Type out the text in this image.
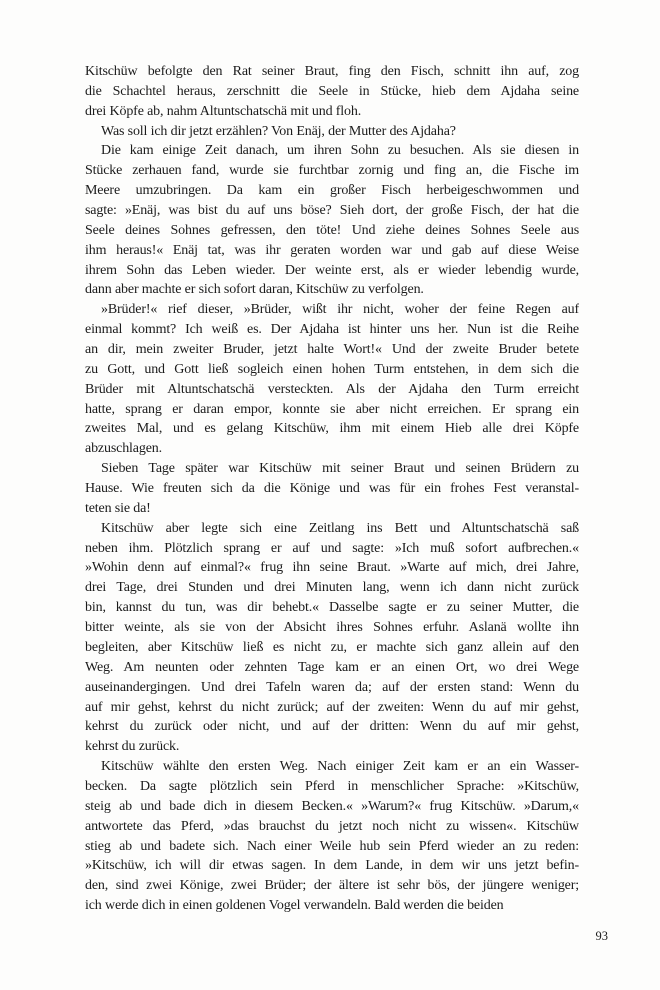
Kitschüw befolgte den Rat seiner Braut, fing den Fisch, schnitt ihn auf, zog
die Schachtel heraus, zerschnitt die Seele in Stücke, hieb dem Ajdaha seine
drei Köpfe ab, nahm Altuntschatschä mit und floh.
Was soll ich dir jetzt erzählen? Von Enäj, der Mutter des Ajdaha?
Die kam einige Zeit danach, um ihren Sohn zu besuchen. Als sie diesen in
Stücke zerhauen fand, wurde sie furchtbar zornig und fing an, die Fische im
Meere umzubringen. Da kam ein großer Fisch herbeigeschwommen und
sagte: »Enäj, was bist du auf uns böse? Sieh dort, der große Fisch, der hat die
Seele deines Sohnes gefressen, den töte! Und ziehe deines Sohnes Seele aus
ihm heraus!« Enäj tat, was ihr geraten worden war und gab auf diese Weise
ihrem Sohn das Leben wieder. Der weinte erst, als er wieder lebendig wurde,
dann aber machte er sich sofort daran, Kitschüw zu verfolgen.
»Brüder!« rief dieser, »Brüder, wißt ihr nicht, woher der feine Regen auf
einmal kommt? Ich weiß es. Der Ajdaha ist hinter uns her. Nun ist die Reihe
an dir, mein zweiter Bruder, jetzt halte Wort!« Und der zweite Bruder betete
zu Gott, und Gott ließ sogleich einen hohen Turm entstehen, in dem sich die
Brüder mit Altuntschatschä versteckten. Als der Ajdaha den Turm erreicht
hatte, sprang er daran empor, konnte sie aber nicht erreichen. Er sprang ein
zweites Mal, und es gelang Kitschüw, ihm mit einem Hieb alle drei Köpfe
abzuschlagen.
Sieben Tage später war Kitschüw mit seiner Braut und seinen Brüdern zu
Hause. Wie freuten sich da die Könige und was für ein frohes Fest veranstal-
teten sie da!
Kitschüw aber legte sich eine Zeitlang ins Bett und Altuntschatschä saß
neben ihm. Plötzlich sprang er auf und sagte: »Ich muß sofort aufbrechen.«
»Wohin denn auf einmal?« frug ihn seine Braut. »Warte auf mich, drei Jahre,
drei Tage, drei Stunden und drei Minuten lang, wenn ich dann nicht zurück
bin, kannst du tun, was dir behebt.« Dasselbe sagte er zu seiner Mutter, die
bitter weinte, als sie von der Absicht ihres Sohnes erfuhr. Aslanä wollte ihn
begleiten, aber Kitschüw ließ es nicht zu, er machte sich ganz allein auf den
Weg. Am neunten oder zehnten Tage kam er an einen Ort, wo drei Wege
auseinandergingen. Und drei Tafeln waren da; auf der ersten stand: Wenn du
auf mir gehst, kehrst du nicht zurück; auf der zweiten: Wenn du auf mir gehst,
kehrst du zurück oder nicht, und auf der dritten: Wenn du auf mir gehst,
kehrst du zurück.
Kitschüw wählte den ersten Weg. Nach einiger Zeit kam er an ein Wasser-
becken. Da sagte plötzlich sein Pferd in menschlicher Sprache: »Kitschüw,
steig ab und bade dich in diesem Becken.« »Warum?« frug Kitschüw. »Darum,«
antwortete das Pferd, »das brauchst du jetzt noch nicht zu wissen«. Kitschüw
stieg ab und badete sich. Nach einer Weile hub sein Pferd wieder an zu reden:
»Kitschüw, ich will dir etwas sagen. In dem Lande, in dem wir uns jetzt befin-
den, sind zwei Könige, zwei Brüder; der ältere ist sehr bös, der jüngere weniger;
ich werde dich in einen goldenen Vogel verwandeln. Bald werden die beiden
93
